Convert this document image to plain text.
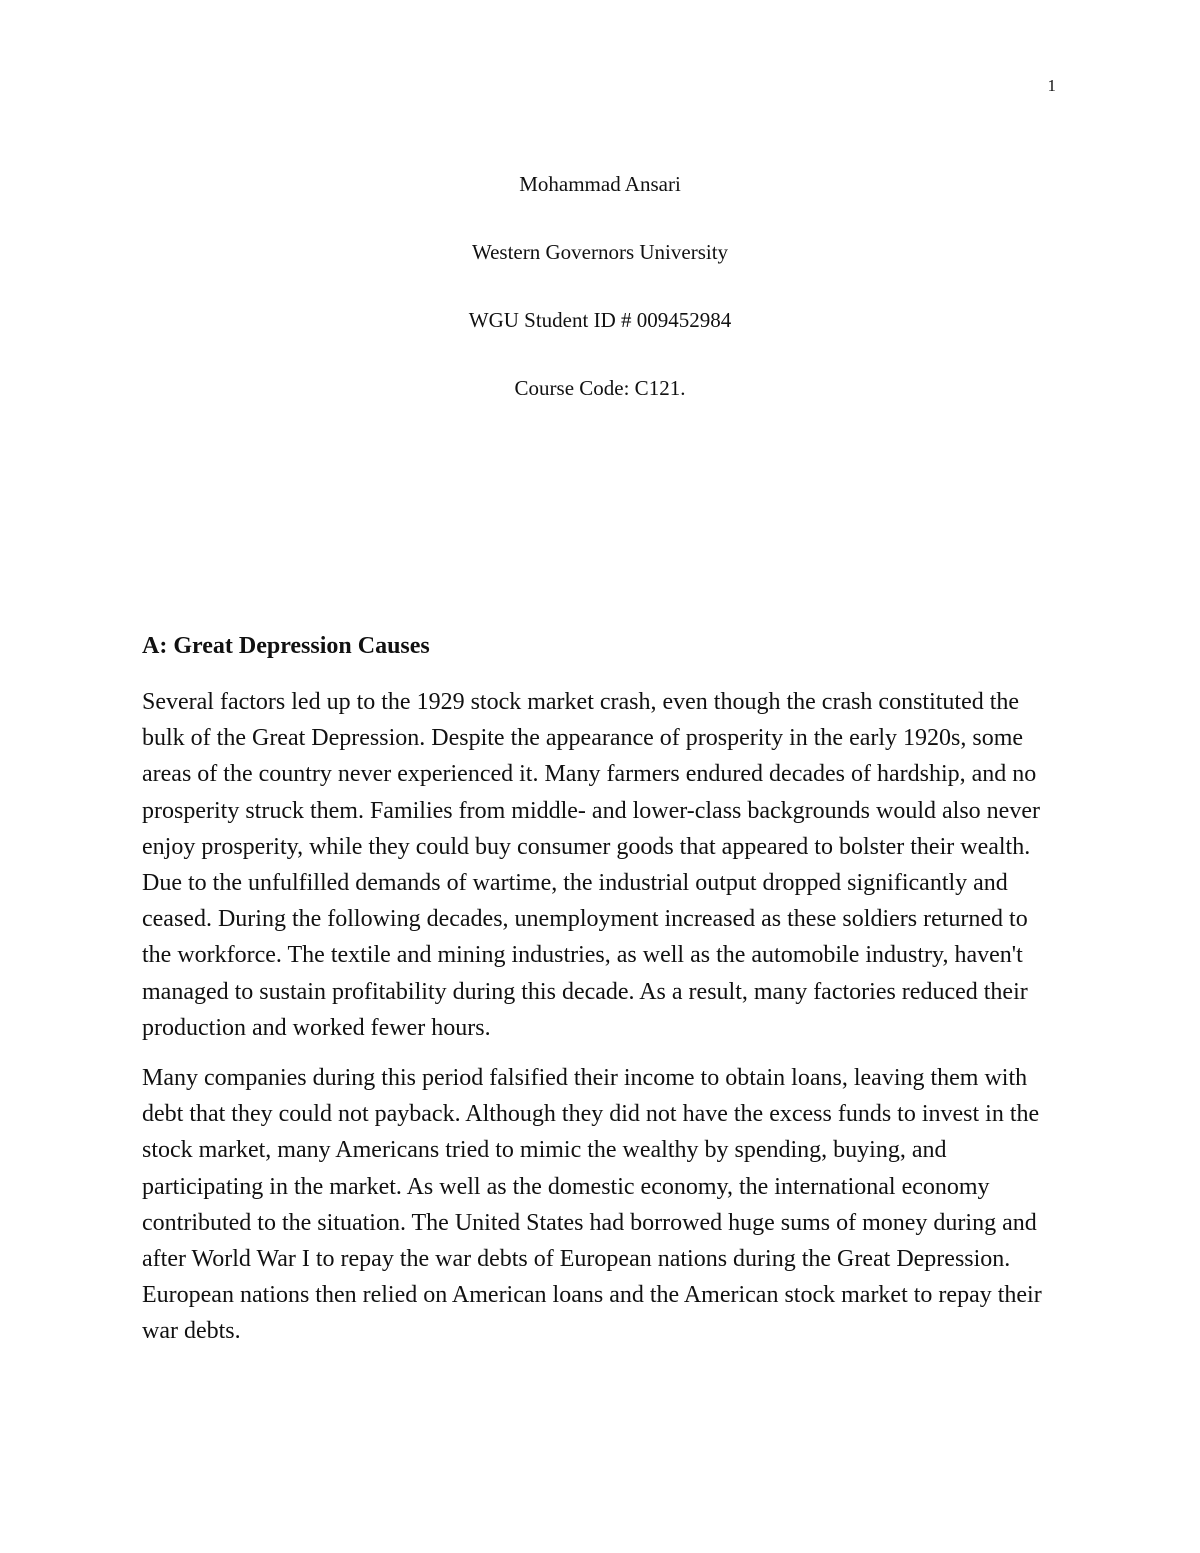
1
Mohammad Ansari
Western Governors University
WGU Student ID # 009452984
Course Code: C121.
A: Great Depression Causes

Several factors led up to the 1929 stock market crash, even though the crash constituted the bulk of the Great Depression. Despite the appearance of prosperity in the early 1920s, some areas of the country never experienced it. Many farmers endured decades of hardship, and no prosperity struck them. Families from middle- and lower-class backgrounds would also never enjoy prosperity, while they could buy consumer goods that appeared to bolster their wealth. Due to the unfulfilled demands of wartime, the industrial output dropped significantly and ceased. During the following decades, unemployment increased as these soldiers returned to the workforce. The textile and mining industries, as well as the automobile industry, haven't managed to sustain profitability during this decade. As a result, many factories reduced their production and worked fewer hours.

Many companies during this period falsified their income to obtain loans, leaving them with debt that they could not payback. Although they did not have the excess funds to invest in the stock market, many Americans tried to mimic the wealthy by spending, buying, and participating in the market. As well as the domestic economy, the international economy contributed to the situation. The United States had borrowed huge sums of money during and after World War I to repay the war debts of European nations during the Great Depression. European nations then relied on American loans and the American stock market to repay their war debts.
